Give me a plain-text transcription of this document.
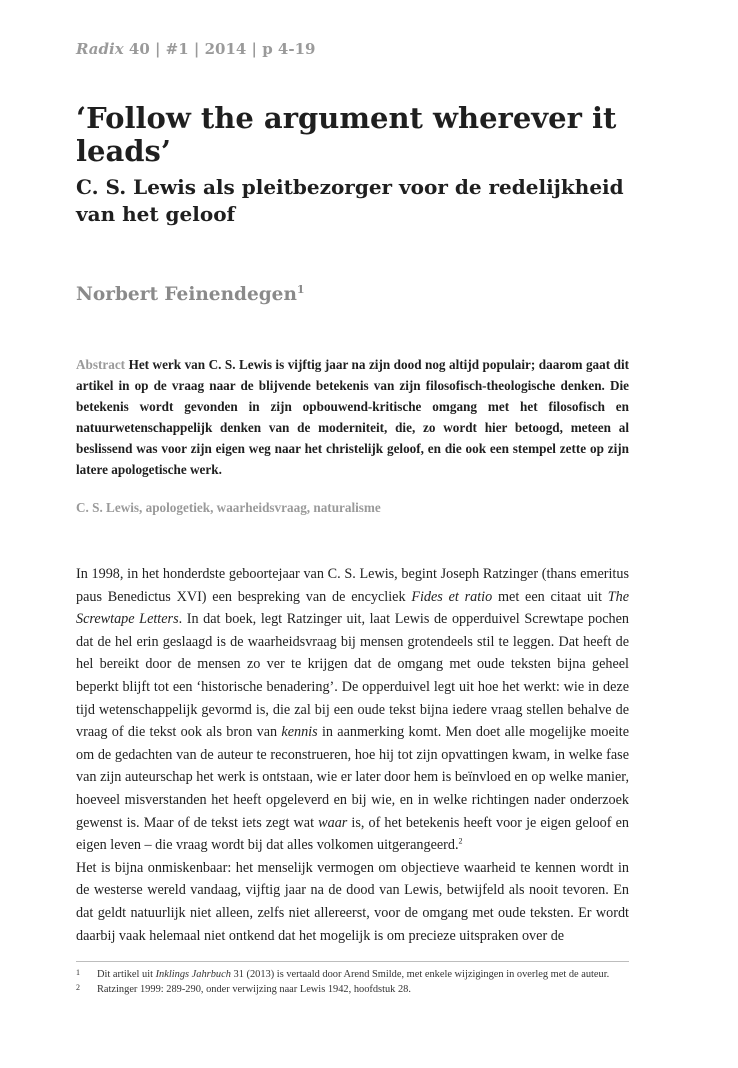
Radix 40 | #1 | 2014 | p 4-19
‘Follow the argument wherever it leads’
C. S. Lewis als pleitbezorger voor de redelijkheid van het geloof
Norbert Feinendegen$^1$

Abstract Het werk van C. S. Lewis is vijftig jaar na zijn dood nog altijd populair; daarom gaat dit artikel in op de vraag naar de blijvende betekenis van zijn filosofisch-theologische denken. Die betekenis wordt gevonden in zijn opbouwend-kritische omgang met het filosofisch en natuurwetenschappelijk denken van de moderniteit, die, zo wordt hier betoogd, meteen al beslissend was voor zijn eigen weg naar het christelijk geloof, en die ook een stempel zette op zijn latere apologetische werk.

C. S. Lewis, apologetiek, waarheidsvraag, naturalisme

In 1998, in het honderdste geboortejaar van C. S. Lewis, begint Joseph Ratzinger (thans emeritus paus Benedictus XVI) een bespreking van de encycliek Fides et ratio met een citaat uit The Screwtape Letters. In dat boek, legt Ratzinger uit, laat Lewis de opperduivel Screwtape pochen dat de hel erin geslaagd is de waarheidsvraag bij mensen grotendeels stil te leggen. Dat heeft de hel bereikt door de mensen zo ver te krijgen dat de omgang met oude teksten bijna geheel beperkt blijft tot een ‘historische benadering’. De opperduivel legt uit hoe het werkt: wie in deze tijd wetenschappelijk gevormd is, die zal bij een oude tekst bijna iedere vraag stellen behalve de vraag of die tekst ook als bron van kennis in aanmerking komt. Men doet alle mogelijke moeite om de gedachten van de auteur te reconstrueren, hoe hij tot zijn opvattingen kwam, in welke fase van zijn auteurschap het werk is ontstaan, wie er later door hem is beïnvloed en op welke manier, hoeveel misverstanden het heeft opgeleverd en bij wie, en in welke richtingen nader onderzoek gewenst is. Maar of de tekst iets zegt wat waar is, of het betekenis heeft voor je eigen geloof en eigen leven – die vraag wordt bij dat alles volkomen uitgerangeerd.$^2$

Het is bijna onmiskenbaar: het menselijk vermogen om objectieve waarheid te kennen wordt in de westerse wereld vandaag, vijftig jaar na de dood van Lewis, betwijfeld als nooit tevoren. En dat geldt natuurlijk niet alleen, zelfs niet allereerst, voor de omgang met oude teksten. Er wordt daarbij vaak helemaal niet ontkend dat het mogelijk is om precieze uitspraken over de

1 Dit artikel uit Inklings Jahrbuch 31 (2013) is vertaald door Arend Smilde, met enkele wijzigingen in overleg met de auteur.
2 Ratzinger 1999: 289-290, onder verwijzing naar Lewis 1942, hoofdstuk 28.
